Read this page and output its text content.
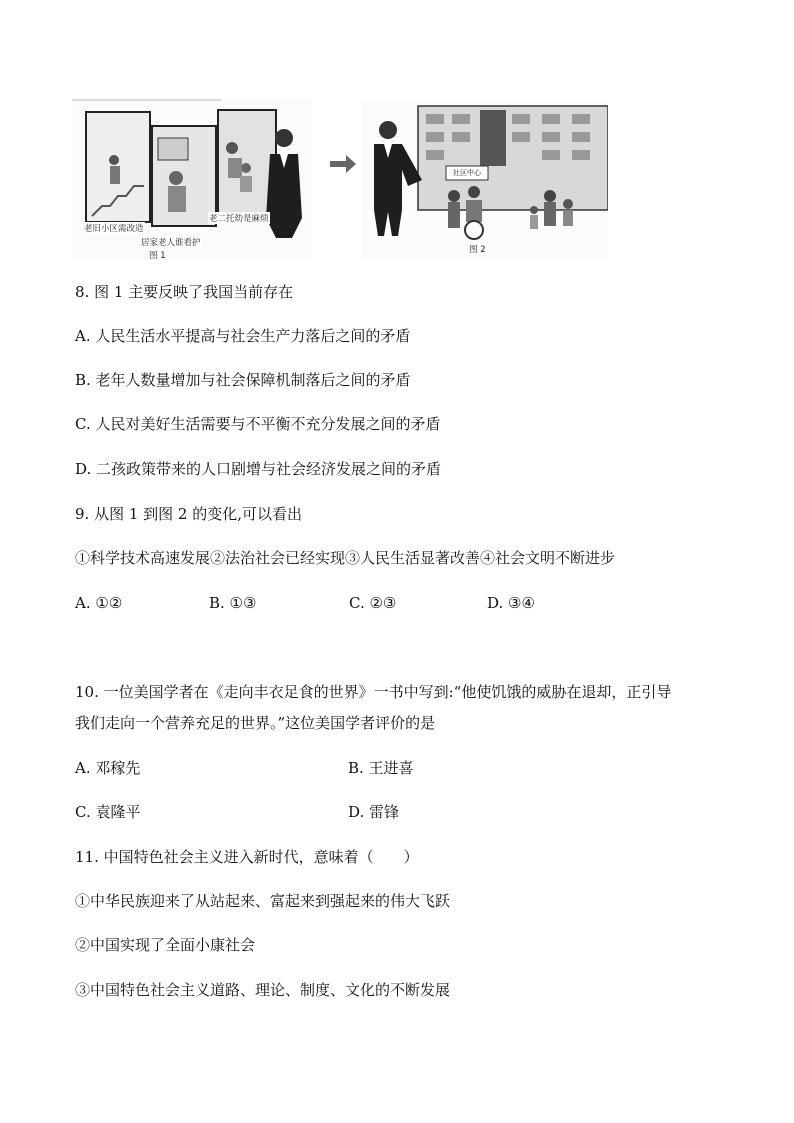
老旧小区需改造
居家老人谁看护
老二托幼是麻烦
图 1
社区中心
图 2
8. 图 1 主要反映了我国当前存在
A. 人民生活水平提高与社会生产力落后之间的矛盾
B. 老年人数量增加与社会保障机制落后之间的矛盾
C. 人民对美好生活需要与不平衡不充分发展之间的矛盾
D. 二孩政策带来的人口剧增与社会经济发展之间的矛盾
9. 从图 1 到图 2 的变化,可以看出
①科学技术高速发展②法治社会已经实现③人民生活显著改善④社会文明不断进步
A. ①②	B. ①③	C. ②③	D. ③④
10. 一位美国学者在《走向丰衣足食的世界》一书中写到:“他使饥饿的威胁在退却，正引导
我们走向一个营养充足的世界。”这位美国学者评价的是
A. 邓稼先	B. 王进喜
C. 袁隆平	D. 雷锋
11. 中国特色社会主义进入新时代，意味着（　　）
①中华民族迎来了从站起来、富起来到强起来的伟大飞跃
②中国实现了全面小康社会
③中国特色社会主义道路、理论、制度、文化的不断发展
